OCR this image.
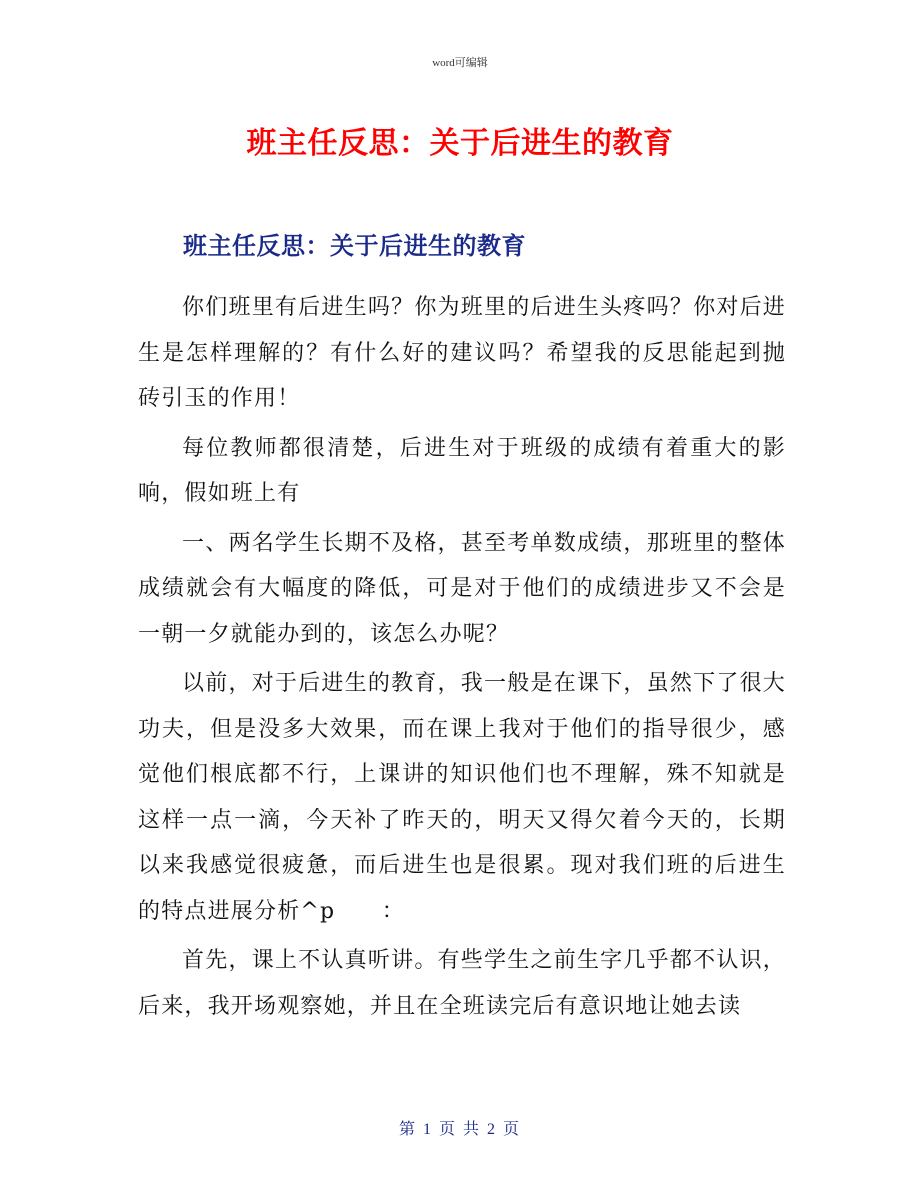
word可编辑
班主任反思：关于后进生的教育
班主任反思：关于后进生的教育

你们班里有后进生吗？你为班里的后进生头疼吗？你对后进生是怎样理解的？有什么好的建议吗？希望我的反思能起到抛砖引玉的作用！

每位教师都很清楚，后进生对于班级的成绩有着重大的影响，假如班上有

一、两名学生长期不及格，甚至考单数成绩，那班里的整体成绩就会有大幅度的降低，可是对于他们的成绩进步又不会是一朝一夕就能办到的，该怎么办呢？

以前，对于后进生的教育，我一般是在课下，虽然下了很大功夫，但是没多大效果，而在课上我对于他们的指导很少，感觉他们根底都不行，上课讲的知识他们也不理解，殊不知就是这样一点一滴，今天补了昨天的，明天又得欠着今天的，长期以来我感觉很疲惫，而后进生也是很累。现对我们班的后进生的特点进展分析^p　　：

首先，课上不认真听讲。有些学生之前生字几乎都不认识，后来，我开场观察她，并且在全班读完后有意识地让她去读

第 1 页 共 2 页
